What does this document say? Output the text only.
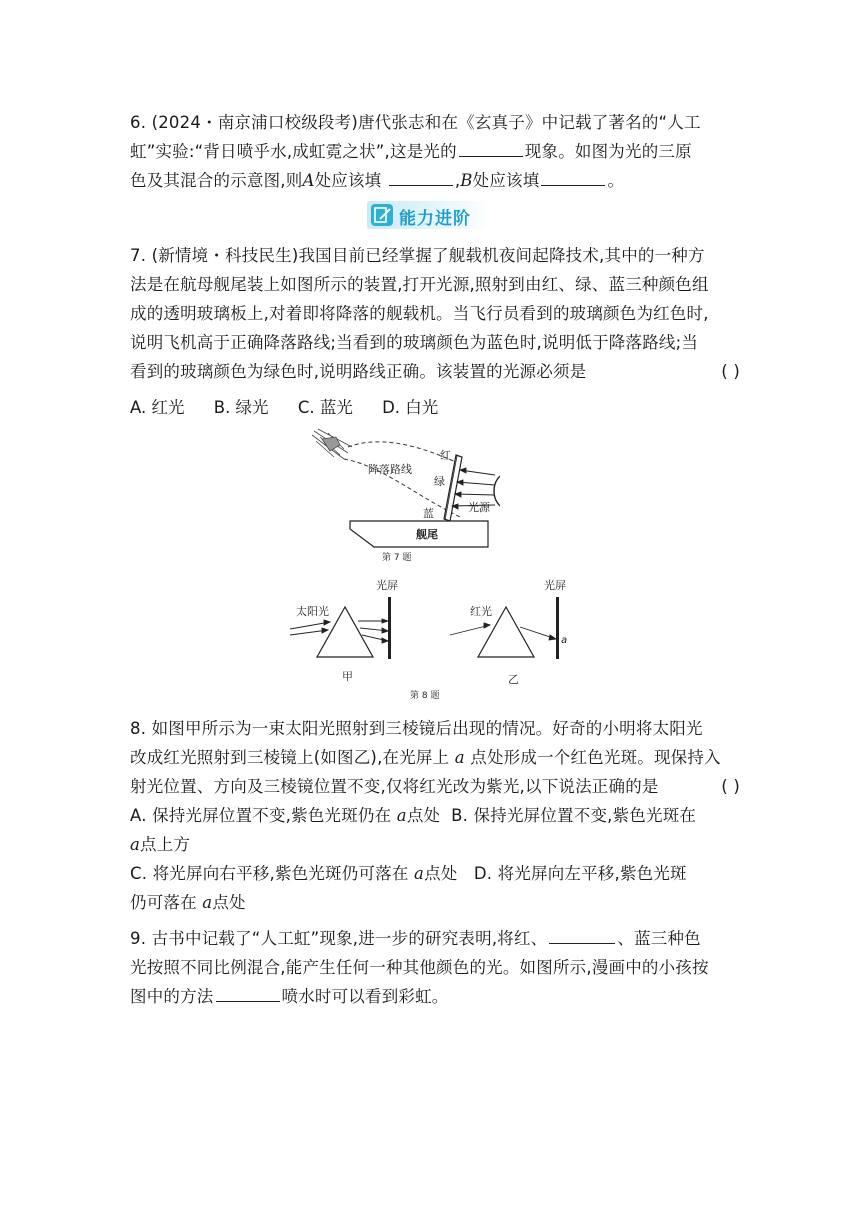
6. (2024・南京浦口校级段考)唐代张志和在《玄真子》中记载了著名的“人工
虹”实验:“背日喷乎水,成虹霓之状”,这是光的	现象。如图为光的三原
色及其混合的示意图,则A处应该填	,B处应该填	。
能力进阶
7. (新情境・科技民生)我国目前已经掌握了舰载机夜间起降技术,其中的一种方
法是在航母舰尾装上如图所示的装置,打开光源,照射到由红、绿、蓝三种颜色组
成的透明玻璃板上,对着即将降落的舰载机。当飞行员看到的玻璃颜色为红色时,
说明飞机高于正确降落路线;当看到的玻璃颜色为蓝色时,说明低于降落路线;当
看到的玻璃颜色为绿色时,说明路线正确。该装置的光源必须是	( )
A. 红光 B. 绿光 C. 蓝光 D. 白光
红
绿
蓝
降落路线
光源
舰尾
第 7 题
太阳光
光屏
甲
红光
光屏
a
乙
第 8 题
8. 如图甲所示为一束太阳光照射到三棱镜后出现的情况。好奇的小明将太阳光
改成红光照射到三棱镜上(如图乙),在光屏上 a 点处形成一个红色光斑。现保持入
射光位置、方向及三棱镜位置不变,仅将红光改为紫光,以下说法正确的是	( )
A. 保持光屏位置不变,紫色光斑仍在 a点处 B. 保持光屏位置不变,紫色光斑在
a点上方
C. 将光屏向右平移,紫色光斑仍可落在 a点处 D. 将光屏向左平移,紫色光斑
仍可落在 a点处
9. 古书中记载了“人工虹”现象,进一步的研究表明,将红、	、蓝三种色
光按照不同比例混合,能产生任何一种其他颜色的光。如图所示,漫画中的小孩按
图中的方法	喷水时可以看到彩虹。
